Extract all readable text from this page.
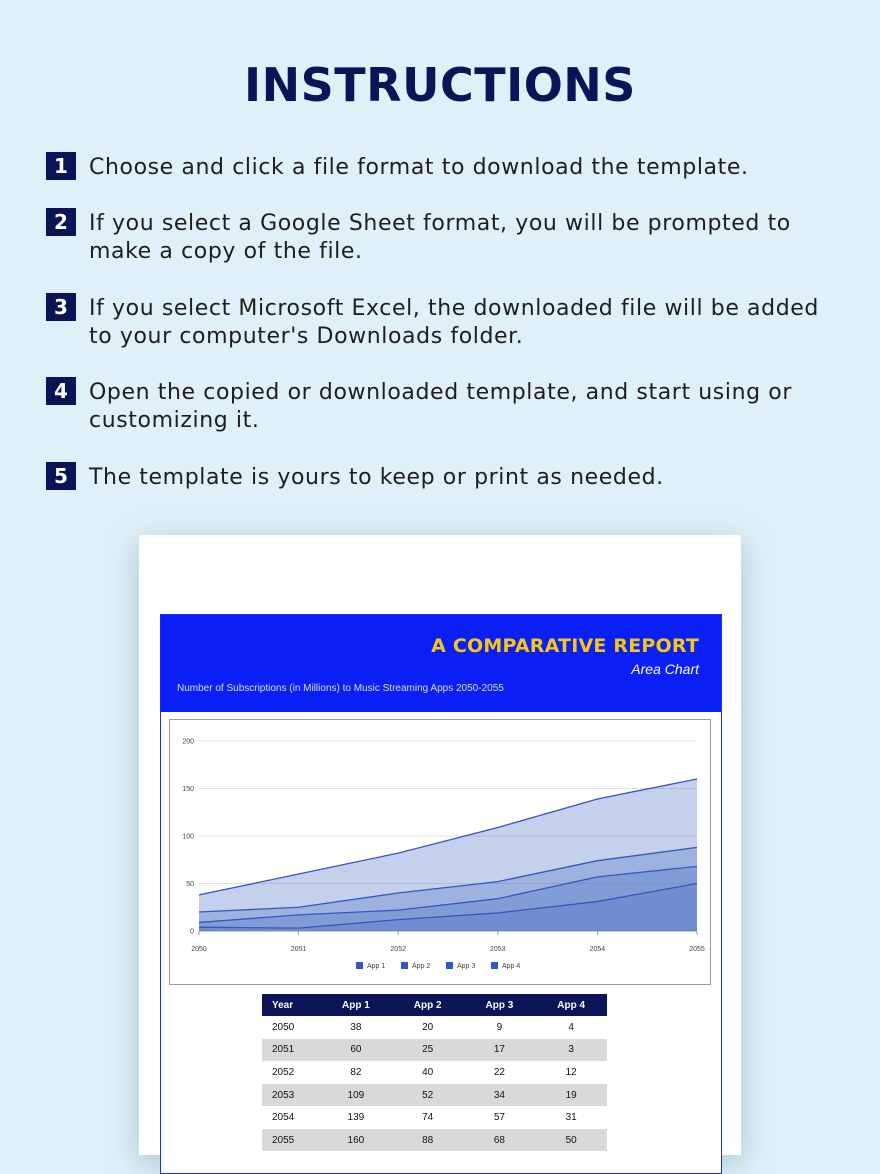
INSTRUCTIONS
1 Choose and click a file format to download the template.
2 If you select a Google Sheet format, you will be prompted to make a copy of the file.
3 If you select Microsoft Excel, the downloaded file will be added to your computer's Downloads folder.
4 Open the copied or downloaded template, and start using or customizing it.
5 The template is yours to keep or print as needed.
A COMPARATIVE REPORT
Area Chart
Number of Subscriptions (in Millions) to Music Streaming Apps 2050-2055
0
50
100
150
200
2050	2051	2052	2053	2054	2055
App 1	App 2	App 3	App 4
Year	App 1	App 2	App 3	App 4
2050	38	20	9	4
2051	60	25	17	3
2052	82	40	22	12
2053	109	52	34	19
2054	139	74	57	31
2055	160	88	68	50
